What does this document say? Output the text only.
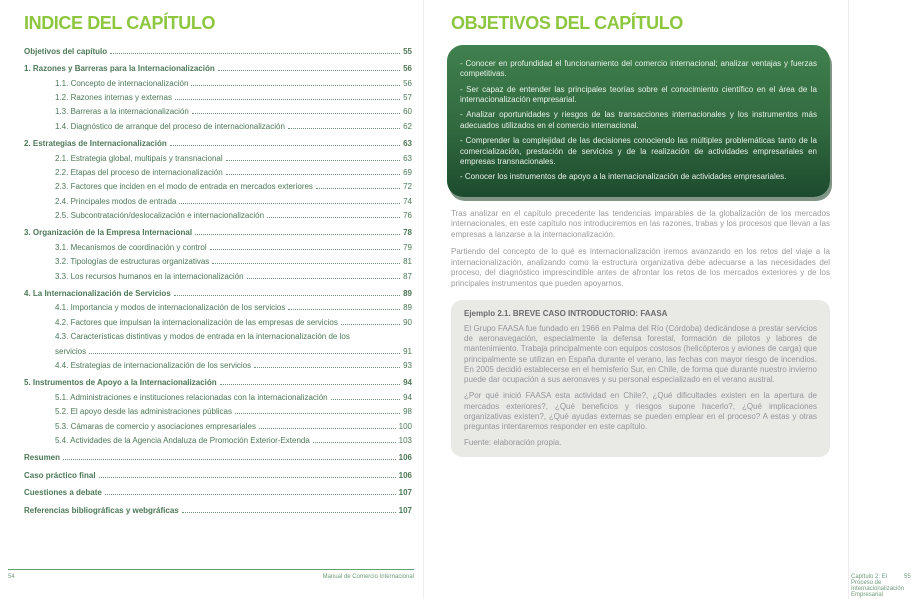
INDICE DEL CAPÍTULO
Objetivos del capítulo	55
1. Razones y Barreras para la Internacionalización	56
1.1. Concepto de internacionalización	56
1.2. Razones internas y externas	57
1.3. Barreras a la internacionalización	60
1.4. Diagnóstico de arranque del proceso de internacionalización	62
2. Estrategias de Internacionalización	63
2.1. Estrategia global, multipaís y transnacional	63
2.2. Etapas del proceso de internacionalización	69
2.3. Factores que inciden en el modo de entrada en mercados exteriores	72
2.4. Principales modos de entrada	74
2.5. Subcontratación/deslocalización e internacionalización	76
3. Organización de la Empresa Internacional	78
3.1. Mecanismos de coordinación y control	79
3.2. Tipologías de estructuras organizativas	81
3.3. Los recursos humanos en la internacionalización	87
4. La Internacionalización de Servicios	89
4.1. Importancia y modos de internacionalización de los servicios	89
4.2. Factores que impulsan la internacionalización de las empresas de servicios	90
4.3. Características distintivas y modos de entrada en la internacionalización de los
servicios	91
4.4. Estrategias de internacionalización de los servicios	93
5. Instrumentos de Apoyo a la Internacionalización	94
5.1. Administraciones e instituciones relacionadas con la internacionalización	94
5.2. El apoyo desde las administraciones públicas	98
5.3. Cámaras de comercio y asociaciones empresariales	100
5.4. Actividades de la Agencia Andaluza de Promoción Exterior-Extenda	103
Resumen	106
Caso práctico final	106
Cuestiones a debate	107
Referencias bibliográficas y webgráficas	107
54	Manual de Comercio Internacional
OBJETIVOS DEL CAPÍTULO

- Conocer en profundidad el funcionamiento del comercio internacional; analizar ventajas y fuerzas competitivas.

- Ser capaz de entender las principales teorías sobre el conocimiento científico en el área de la internacionalización empresarial.

- Analizar oportunidades y riesgos de las transacciones internacionales y los instrumentos más adecuados utilizados en el comercio internacional.

- Comprender la complejidad de las decisiones conociendo las múltiples problemáticas tanto de la comercialización, prestación de servicios y de la realización de actividades empresariales en empresas transnacionales.

- Conocer los instrumentos de apoyo a la internacionalización de actividades empresariales.

Tras analizar en el capítulo precedente las tendencias imparables de la globalización de los mercados internacionales, en este capítulo nos introduciremos en las razones, trabas y los procesos que llevan a las empresas a lanzarse a la internacionalización.

Partiendo del concepto de lo qué es internacionalización iremos avanzando en los retos del viaje a la internacionalización, analizando como la estructura organizativa debe adecuarse a las necesidades del proceso, del diagnóstico imprescindible antes de afrontar los retos de los mercados exteriores y de los principales instrumentos que pueden apoyarnos.

Ejemplo 2.1. BREVE CASO INTRODUCTORIO: FAASA

El Grupo FAASA fue fundado en 1966 en Palma del Río (Córdoba) dedicándose a prestar servicios de aeronavegación, especialmente la defensa forestal, formación de pilotos y labores de mantenimiento. Trabaja principalmente con equipos costosos (helicópteros y aviones de carga) que principalmente se utilizan en España durante el verano, las fechas con mayor riesgo de incendios. En 2005 decidió establecerse en el hemisferio Sur, en Chile, de forma que durante nuestro invierno puede dar ocupación a sus aeronaves y su personal especializado en el verano austral.

¿Por qué inició FAASA esta actividad en Chile?, ¿Qué dificultades existen en la apertura de mercados exteriores?, ¿Qué beneficios y riesgos supone hacerlo?, ¿Qué implicaciones organizativas existen?, ¿Qué ayudas externas se pueden emplear en el proceso? A estas y otras preguntas intentaremos responder en este capítulo.

Fuente: elaboración propia.

Capítulo 2: El Proceso de Internacionalización Empresarial
55
